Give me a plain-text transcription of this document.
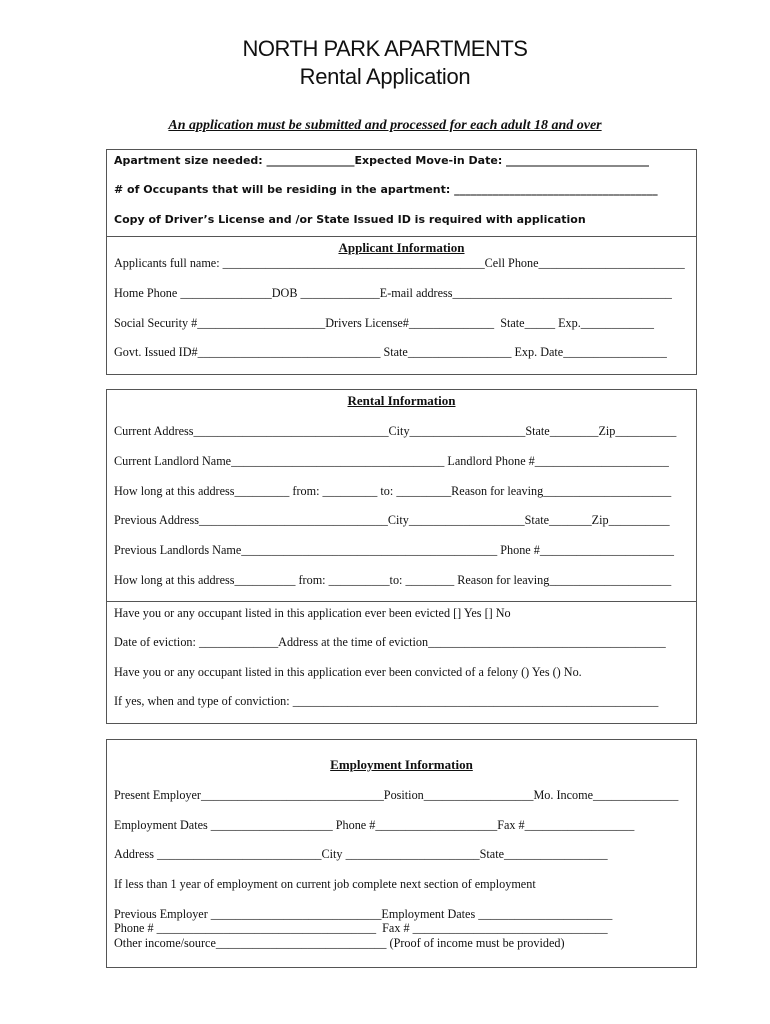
NORTH PARK APARTMENTS
Rental Application
An application must be submitted and processed for each adult 18 and over
Apartment size needed: ________________Expected Move-in Date: __________________________
# of Occupants that will be residing in the apartment: _____________________________________
Copy of Driver’s License and /or State Issued ID is required with application
Applicant Information
Applicants full name: ___________________________________________Cell Phone________________________
Home Phone _______________DOB _____________E-mail address____________________________________
Social Security #_____________________Drivers License#______________  State_____ Exp.____________
Govt. Issued ID#______________________________ State_________________ Exp. Date_________________
Rental Information
Current Address________________________________City___________________State________Zip__________
Current Landlord Name___________________________________ Landlord Phone #______________________
How long at this address_________ from: _________ to: _________Reason for leaving_____________________
Previous Address_______________________________City___________________State_______Zip__________
Previous Landlords Name__________________________________________ Phone #______________________
How long at this address__________ from: __________to: ________ Reason for leaving____________________
Have you or any occupant listed in this application ever been evicted [] Yes [] No
Date of eviction: _____________Address at the time of eviction_______________________________________
Have you or any occupant listed in this application ever been convicted of a felony () Yes () No.
If yes, when and type of conviction: ____________________________________________________________
Employment Information
Present Employer______________________________Position__________________Mo. Income______________
Employment Dates ____________________ Phone #____________________Fax #__________________
Address ___________________________City ______________________State_________________
If less than 1 year of employment on current job complete next section of employment
Previous Employer ____________________________Employment Dates ______________________
Phone # ____________________________________  Fax # ________________________________
Other income/source____________________________ (Proof of income must be provided)
